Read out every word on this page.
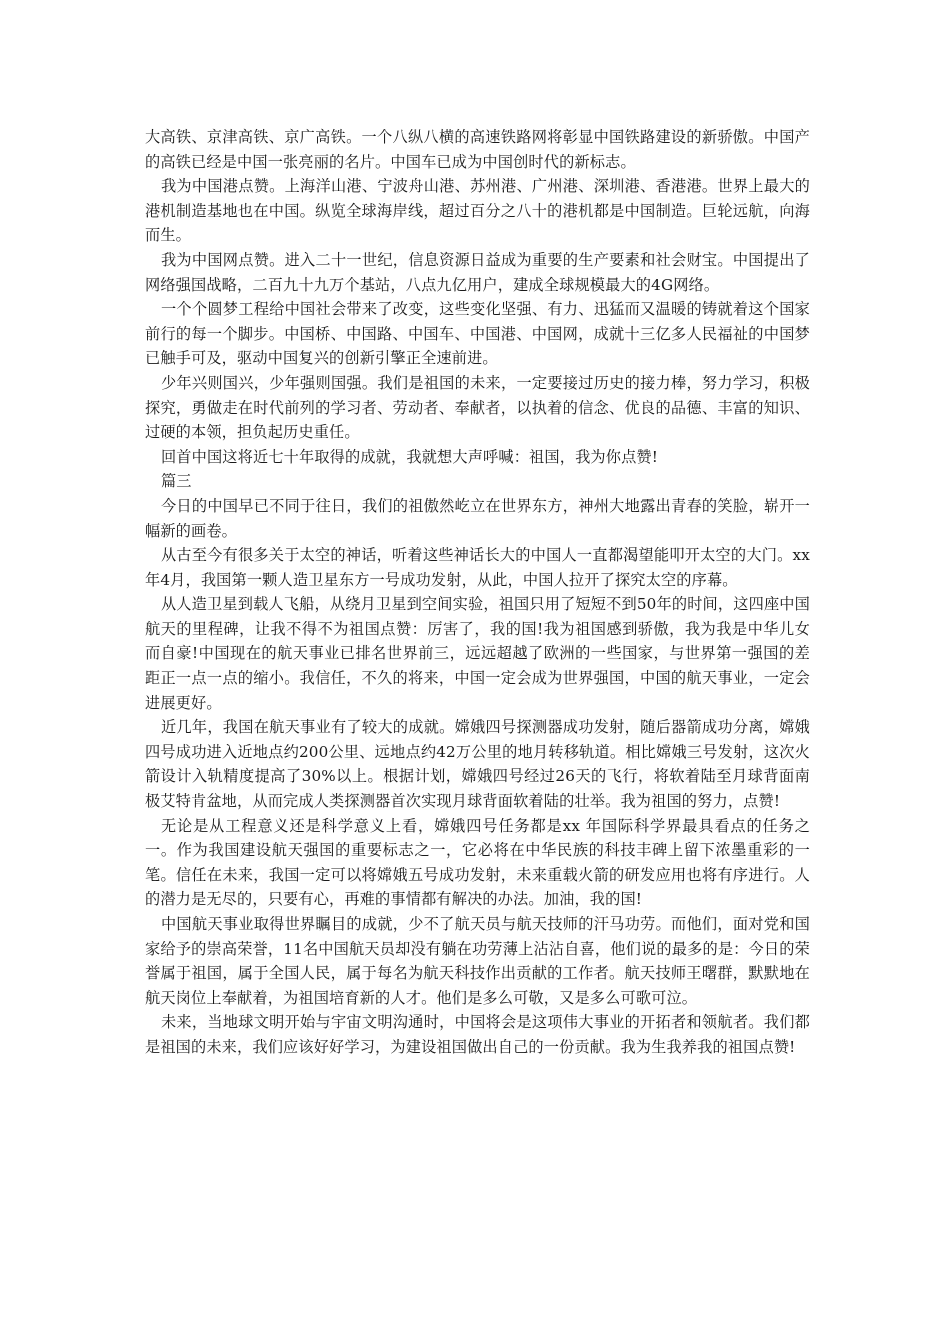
大高铁、京津高铁、京广高铁。一个八纵八横的高速铁路网将彰显中国铁路建设的新骄傲。中国产的高铁已经是中国一张亮丽的名片。中国车已成为中国创时代的新标志。

我为中国港点赞。上海洋山港、宁波舟山港、苏州港、广州港、深圳港、香港港。世界上最大的港机制造基地也在中国。纵览全球海岸线，超过百分之八十的港机都是中国制造。巨轮远航，向海而生。

我为中国网点赞。进入二十一世纪，信息资源日益成为重要的生产要素和社会财宝。中国提出了网络强国战略，二百九十九万个基站，八点九亿用户，建成全球规模最大的4G网络。

一个个圆梦工程给中国社会带来了改变，这些变化坚强、有力、迅猛而又温暖的铸就着这个国家前行的每一个脚步。中国桥、中国路、中国车、中国港、中国网，成就十三亿多人民福祉的中国梦已触手可及，驱动中国复兴的创新引擎正全速前进。

少年兴则国兴，少年强则国强。我们是祖国的未来，一定要接过历史的接力棒，努力学习，积极探究，勇做走在时代前列的学习者、劳动者、奉献者，以执着的信念、优良的品德、丰富的知识、过硬的本领，担负起历史重任。

回首中国这将近七十年取得的成就，我就想大声呼喊：祖国，我为你点赞!

篇三

今日的中国早已不同于往日，我们的祖傲然屹立在世界东方，神州大地露出青春的笑脸，崭开一幅新的画卷。

从古至今有很多关于太空的神话，听着这些神话长大的中国人一直都渴望能叩开太空的大门。xx年4月，我国第一颗人造卫星东方一号成功发射，从此，中国人拉开了探究太空的序幕。

从人造卫星到载人飞船，从绕月卫星到空间实验，祖国只用了短短不到50年的时间，这四座中国航天的里程碑，让我不得不为祖国点赞：厉害了，我的国!我为祖国感到骄傲，我为我是中华儿女而自豪!中国现在的航天事业已排名世界前三，远远超越了欧洲的一些国家，与世界第一强国的差距正一点一点的缩小。我信任，不久的将来，中国一定会成为世界强国，中国的航天事业，一定会进展更好。

近几年，我国在航天事业有了较大的成就。嫦娥四号探测器成功发射，随后器箭成功分离，嫦娥四号成功进入近地点约200公里、远地点约42万公里的地月转移轨道。相比嫦娥三号发射，这次火箭设计入轨精度提高了30%以上。根据计划，嫦娥四号经过26天的飞行，将软着陆至月球背面南极艾特肯盆地，从而完成人类探测器首次实现月球背面软着陆的壮举。我为祖国的努力，点赞!

无论是从工程意义还是科学意义上看，嫦娥四号任务都是xx 年国际科学界最具看点的任务之一。作为我国建设航天强国的重要标志之一，它必将在中华民族的科技丰碑上留下浓墨重彩的一笔。信任在未来，我国一定可以将嫦娥五号成功发射，未来重载火箭的研发应用也将有序进行。人的潜力是无尽的，只要有心，再难的事情都有解决的办法。加油，我的国!

中国航天事业取得世界瞩目的成就，少不了航天员与航天技师的汗马功劳。而他们，面对党和国家给予的崇高荣誉，11名中国航天员却没有躺在功劳薄上沾沾自喜，他们说的最多的是：今日的荣誉属于祖国，属于全国人民，属于每名为航天科技作出贡献的工作者。航天技师王曙群，默默地在航天岗位上奉献着，为祖国培育新的人才。他们是多么可敬，又是多么可歌可泣。

未来，当地球文明开始与宇宙文明沟通时，中国将会是这项伟大事业的开拓者和领航者。我们都是祖国的未来，我们应该好好学习，为建设祖国做出自己的一份贡献。我为生我养我的祖国点赞!
